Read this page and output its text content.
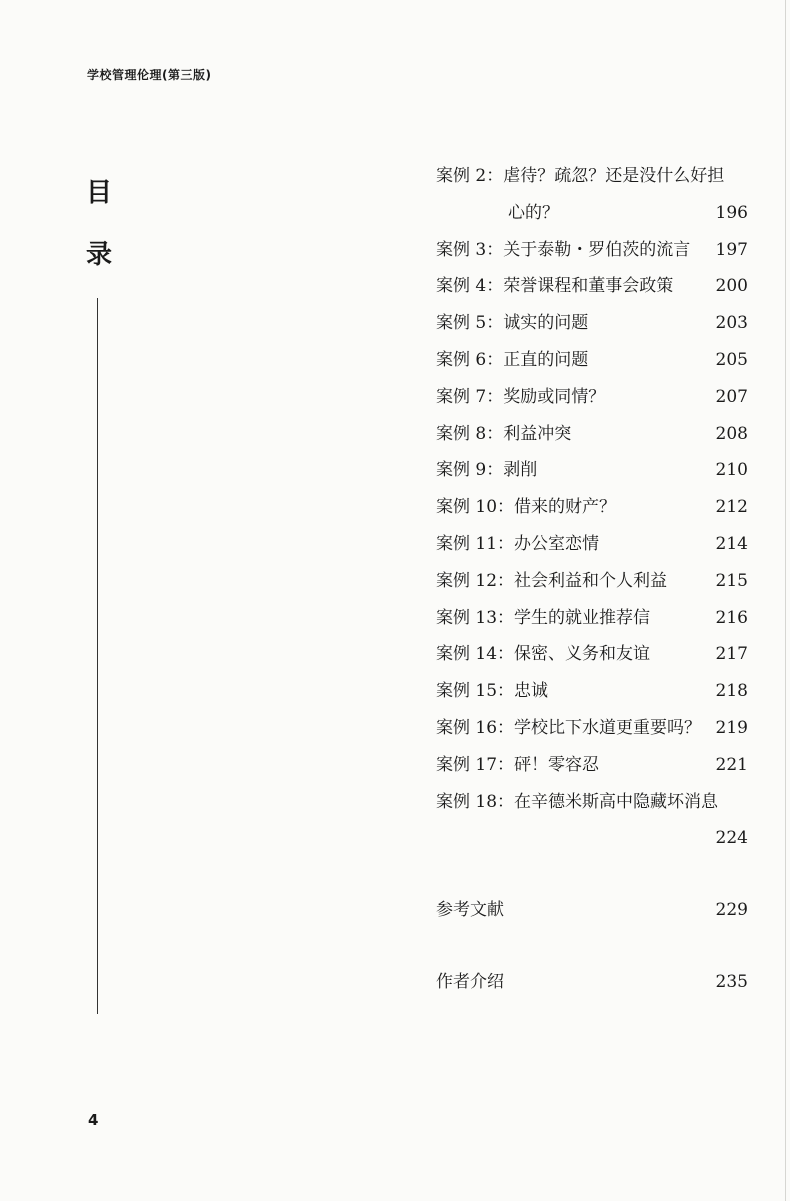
学校管理伦理(第三版)
目
录
案例 2：虐待？疏忽？还是没什么好担
心的？	196
案例 3：关于泰勒・罗伯茨的流言 197
案例 4：荣誉课程和董事会政策 200
案例 5：诚实的问题	203
案例 6：正直的问题	205
案例 7：奖励或同情？	207
案例 8：利益冲突	208
案例 9：剥削	210
案例 10：借来的财产？	212
案例 11：办公室恋情	214
案例 12：社会利益和个人利益	215
案例 13：学生的就业推荐信	216
案例 14：保密、义务和友谊	217
案例 15：忠诚	218
案例 16：学校比下水道更重要吗？ 219
案例 17：砰！零容忍	221
案例 18：在辛德米斯高中隐藏坏消息

224
参考文献	229
作者介绍	235
4
